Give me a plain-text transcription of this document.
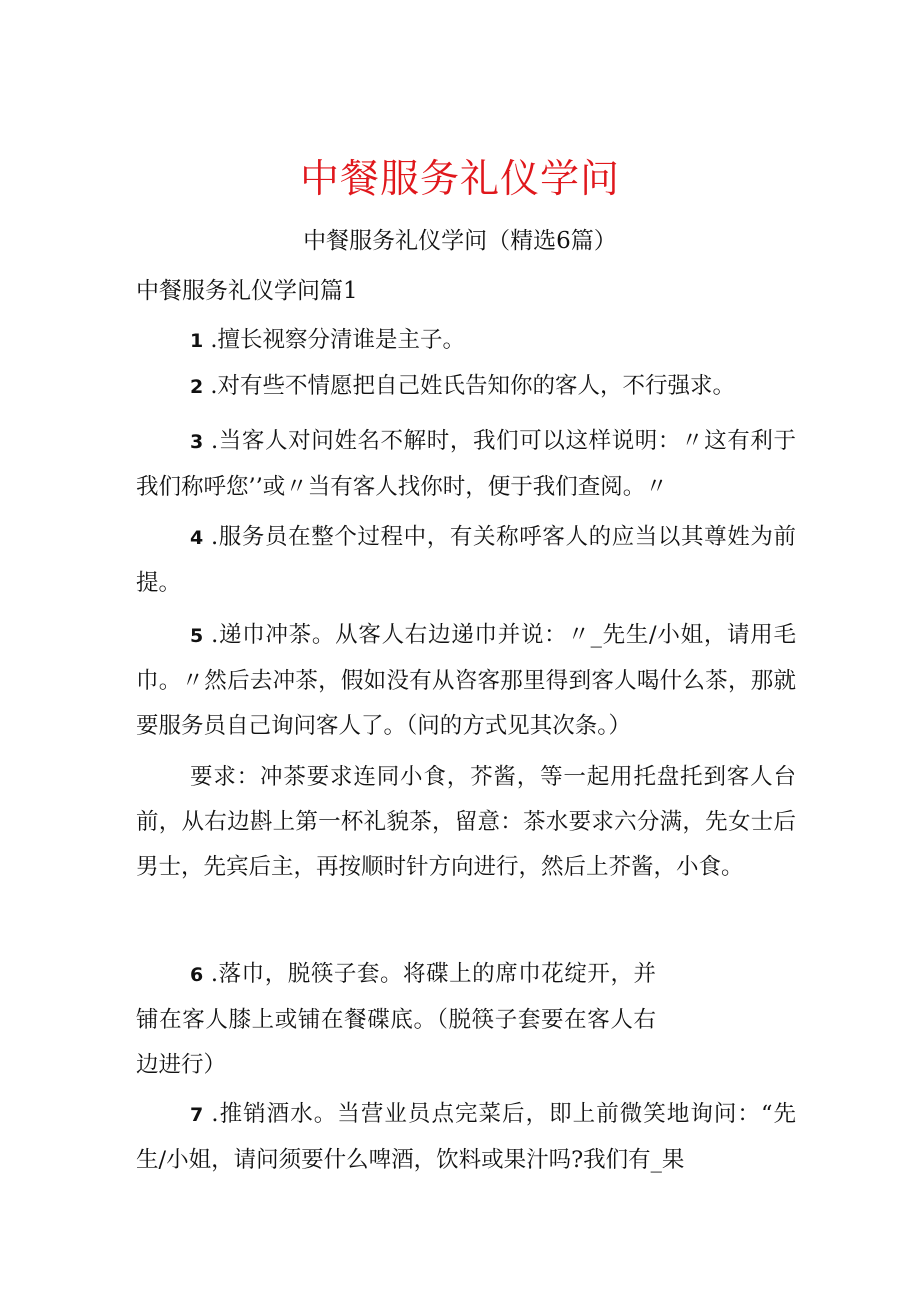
中餐服务礼仪学问
中餐服务礼仪学问（精选6篇）
中餐服务礼仪学问篇1

1 .擅长视察分清谁是主子。

2 .对有些不情愿把自己姓氏告知你的客人，不行强求。

3 .当客人对问姓名不解时，我们可以这样说明：〃这有利于我们称呼您’’或〃当有客人找你时，便于我们查阅。〃

4 .服务员在整个过程中，有关称呼客人的应当以其尊姓为前提。

5 .递巾冲茶。从客人右边递巾并说：〃_先生/小姐，请用毛巾。〃然后去冲茶，假如没有从咨客那里得到客人喝什么茶，那就要服务员自己询问客人了。（问的方式见其次条。）

要求：冲茶要求连同小食，芥酱，等一起用托盘托到客人台前，从右边斟上第一杯礼貌茶，留意：茶水要求六分满，先女士后男士，先宾后主，再按顺时针方向进行，然后上芥酱，小食。

6 .落巾，脱筷子套。将碟上的席巾花绽开，并铺在客人膝上或铺在餐碟底。（脱筷子套要在客人右边进行）

7 .推销酒水。当营业员点完菜后，即上前微笑地询问：“先生/小姐，请问须要什么啤酒，饮料或果汁吗?我们有_果
